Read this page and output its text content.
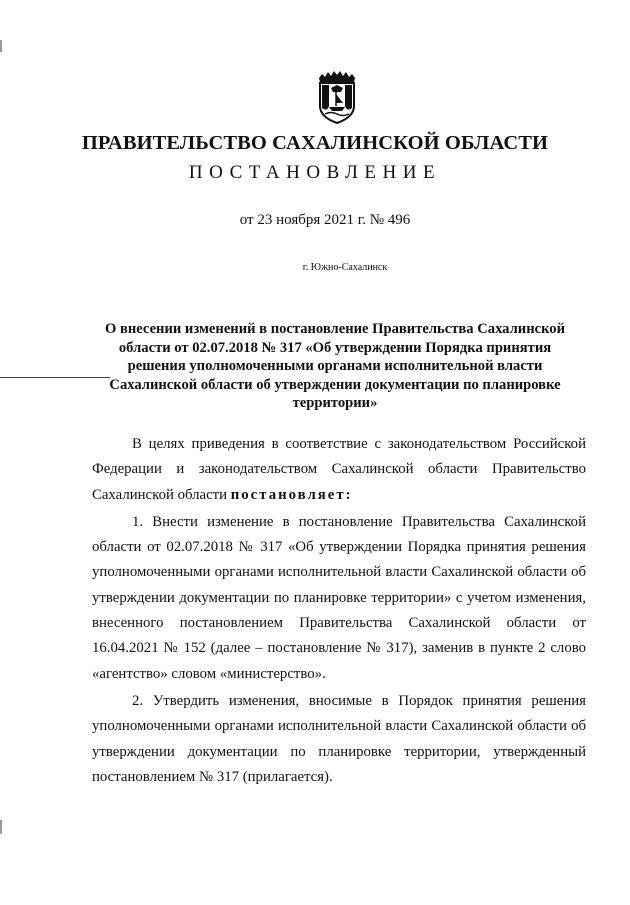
ПРАВИТЕЛЬСТВО САХАЛИНСКОЙ ОБЛАСТИ
ПОСТАНОВЛЕНИЕ
от 23 ноября 2021 г. № 496
г. Южно-Сахалинск
О внесении изменений в постановление Правительства Сахалинской
области от 02.07.2018 № 317 «Об утверждении Порядка принятия
решения уполномоченными органами исполнительной власти
Сахалинской области об утверждении документации по планировке
территории»

В целях приведения в соответствие с законодательством Российской Федерации и законодательством Сахалинской области Правительство Сахалинской области постановляет:

1. Внести изменение в постановление Правительства Сахалинской области от 02.07.2018 № 317 «Об утверждении Порядка принятия решения уполномоченными органами исполнительной власти Сахалинской области об утверждении документации по планировке территории» с учетом изменения, внесенного постановлением Правительства Сахалинской области от 16.04.2021 № 152 (далее – постановление № 317), заменив в пункте 2 слово «агентство» словом «министерство».

2. Утвердить изменения, вносимые в Порядок принятия решения уполномоченными органами исполнительной власти Сахалинской области об утверждении документации по планировке территории, утвержденный постановлением № 317 (прилагается).
